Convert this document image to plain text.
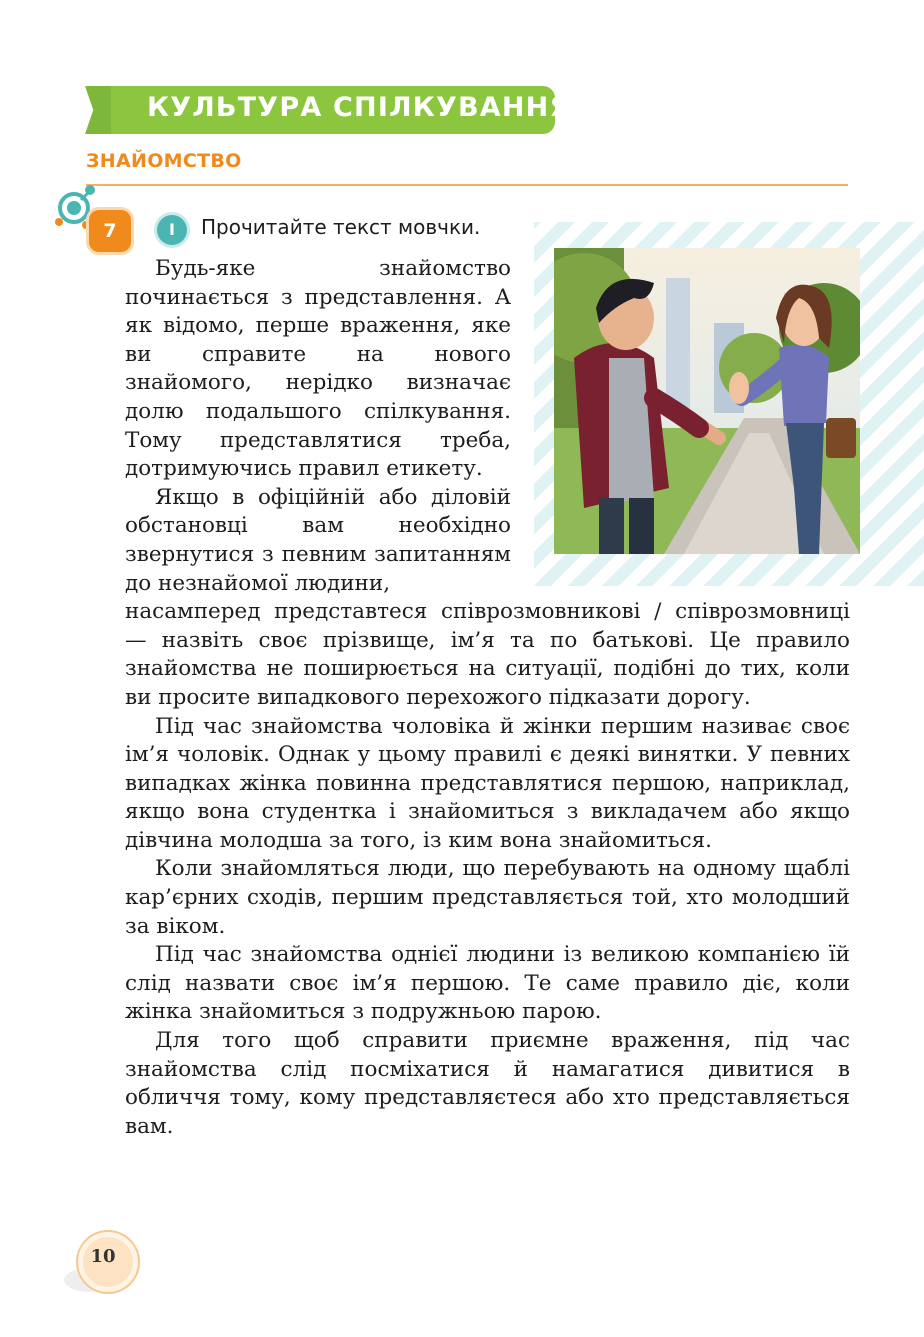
КУЛЬТУРА СПІЛКУВАННЯ
ЗНАЙОМСТВО
7	І	Прочитайте текст мовчки.

Будь-яке знайомство починається з представлення. А як відомо, перше враження, яке ви справите на нового знайомого, нерідко визначає долю подальшого спілкування. Тому представлятися треба, дотримуючись правил етикету.

Якщо в офіційній або діловій обстановці вам необхідно звернутися з певним запитанням до незнайомої людини,

насамперед представтеся співрозмовникові / співрозмовниці — назвіть своє прізвище, ім’я та по батькові. Це правило знайомства не поширюється на ситуації, подібні до тих, коли ви просите випадкового перехожого підказати дорогу.

Під час знайомства чоловіка й жінки першим називає своє ім’я чоловік. Однак у цьому правилі є деякі винятки. У певних випадках жінка повинна представлятися першою, наприклад, якщо вона студентка і знайомиться з викладачем або якщо дівчина молодша за того, із ким вона знайомиться.

Коли знайомляться люди, що перебувають на одному щаблі кар’єрних сходів, першим представляється той, хто молодший за віком.

Під час знайомства однієї людини із великою компанією їй слід назвати своє ім’я першою. Те саме правило діє, коли жінка знайомиться з подружньою парою.

Для того щоб справити приємне враження, під час знайомства слід посміхатися й намагатися дивитися в обличчя тому, кому представляєтеся або хто представляється вам.

10
